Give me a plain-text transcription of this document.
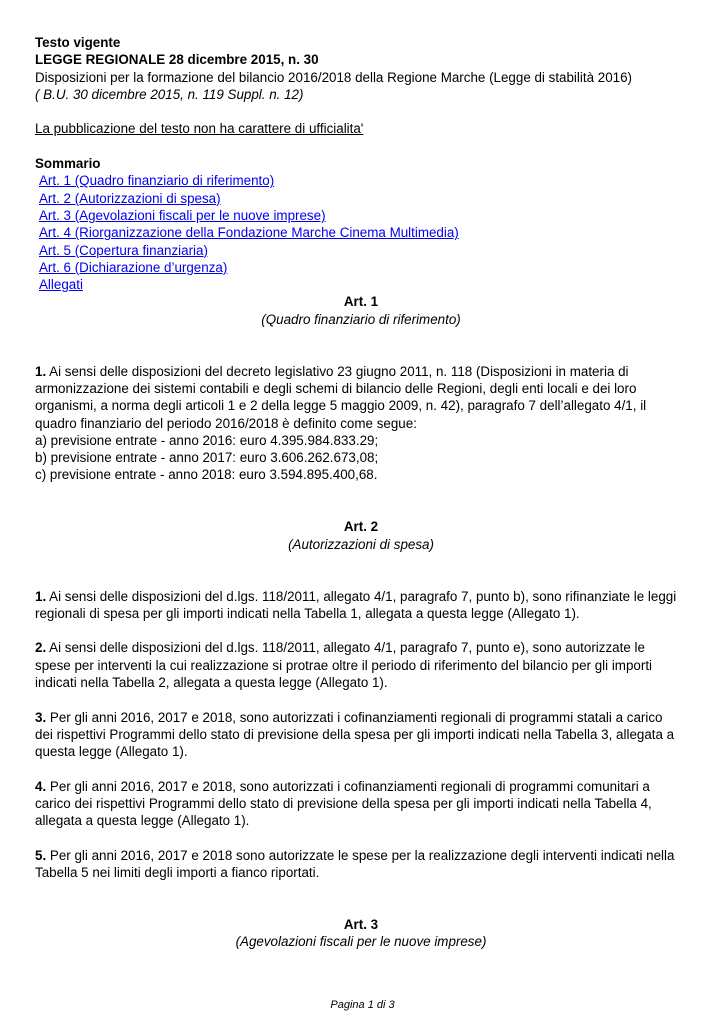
Testo vigente
LEGGE REGIONALE 28 dicembre 2015, n. 30
Disposizioni per la formazione del bilancio 2016/2018 della Regione Marche (Legge di stabilità 2016)
( B.U. 30 dicembre 2015, n. 119 Suppl. n. 12)
La pubblicazione del testo non ha carattere di ufficialita'
Sommario
Art. 1 (Quadro finanziario di riferimento)
Art. 2 (Autorizzazioni di spesa)
Art. 3 (Agevolazioni fiscali per le nuove imprese)
Art. 4 (Riorganizzazione della Fondazione Marche Cinema Multimedia)
Art. 5 (Copertura finanziaria)
Art. 6 (Dichiarazione d’urgenza)
Allegati
Art. 1
(Quadro finanziario di riferimento)
1. Ai sensi delle disposizioni del decreto legislativo 23 giugno 2011, n. 118 (Disposizioni in materia di
armonizzazione dei sistemi contabili e degli schemi di bilancio delle Regioni, degli enti locali e dei loro
organismi, a norma degli articoli 1 e 2 della legge 5 maggio 2009, n. 42), paragrafo 7 dell’allegato 4/1, il
quadro finanziario del periodo 2016/2018 è definito come segue:
a) previsione entrate - anno 2016: euro 4.395.984.833.29;
b) previsione entrate - anno 2017: euro 3.606.262.673,08;
c) previsione entrate - anno 2018: euro 3.594.895.400,68.
Art. 2
(Autorizzazioni di spesa)
1. Ai sensi delle disposizioni del d.lgs. 118/2011, allegato 4/1, paragrafo 7, punto b), sono rifinanziate le leggi
regionali di spesa per gli importi indicati nella Tabella 1, allegata a questa legge (Allegato 1).
2. Ai sensi delle disposizioni del d.lgs. 118/2011, allegato 4/1, paragrafo 7, punto e), sono autorizzate le
spese per interventi la cui realizzazione si protrae oltre il periodo di riferimento del bilancio per gli importi
indicati nella Tabella 2, allegata a questa legge (Allegato 1).
3. Per gli anni 2016, 2017 e 2018, sono autorizzati i cofinanziamenti regionali di programmi statali a carico
dei rispettivi Programmi dello stato di previsione della spesa per gli importi indicati nella Tabella 3, allegata a
questa legge (Allegato 1).
4. Per gli anni 2016, 2017 e 2018, sono autorizzati i cofinanziamenti regionali di programmi comunitari a
carico dei rispettivi Programmi dello stato di previsione della spesa per gli importi indicati nella Tabella 4,
allegata a questa legge (Allegato 1).
5. Per gli anni 2016, 2017 e 2018 sono autorizzate le spese per la realizzazione degli interventi indicati nella
Tabella 5 nei limiti degli importi a fianco riportati.
Art. 3
(Agevolazioni fiscali per le nuove imprese)
Pagina 1 di 3
